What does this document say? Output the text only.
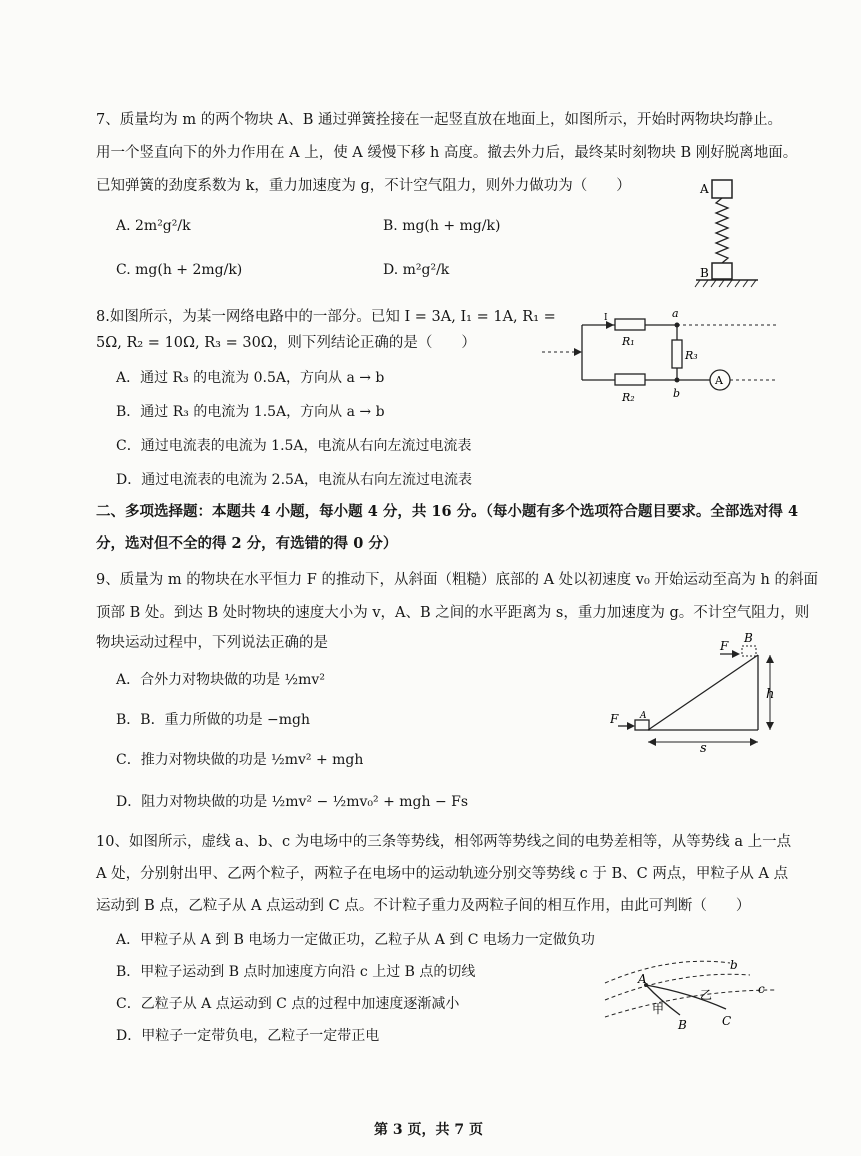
7、质量均为 m 的两个物块 A、B 通过弹簧拴接在一起竖直放在地面上，如图所示，开始时两物块均静止。
用一个竖直向下的外力作用在 A 上，使 A 缓慢下移 h 高度。撤去外力后，最终某时刻物块 B 刚好脱离地面。
已知弹簧的劲度系数为 k，重力加速度为 g，不计空气阻力，则外力做功为（　　）
A. 2m²g²/k	B. mg(h + mg/k)
C. mg(h + 2mg/k)	D. m²g²/k
A
B
8.如图所示，为某一网络电路中的一部分。已知 I = 3A, I₁ = 1A, R₁ =
5Ω, R₂ = 10Ω, R₃ = 30Ω，则下列结论正确的是（　　）
A．通过 R₃ 的电流为 0.5A，方向从 a → b
B．通过 R₃ 的电流为 1.5A，方向从 a → b
C．通过电流表的电流为 1.5A，电流从右向左流过电流表
D．通过电流表的电流为 2.5A，电流从右向左流过电流表
I
R₁
a
R₃
R₂	b
A
二、多项选择题：本题共 4 小题，每小题 4 分，共 16 分。（每小题有多个选项符合题目要求。全部选对得 4
分，选对但不全的得 2 分，有选错的得 0 分）
9、质量为 m 的物块在水平恒力 F 的推动下，从斜面（粗糙）底部的 A 处以初速度 v₀ 开始运动至高为 h 的斜面
顶部 B 处。到达 B 处时物块的速度大小为 v，A、B 之间的水平距离为 s，重力加速度为 g。不计空气阻力，则
物块运动过程中，下列说法正确的是
A．合外力对物块做的功是 ½mv²
B．B．重力所做的功是 −mgh
C．推力对物块做的功是 ½mv² + mgh
D．阻力对物块做的功是 ½mv² − ½mv₀² + mgh − Fs
F
B
F A
h
s
10、如图所示，虚线 a、b、c 为电场中的三条等势线，相邻两等势线之间的电势差相等，从等势线 a 上一点
A 处，分别射出甲、乙两个粒子，两粒子在电场中的运动轨迹分别交等势线 c 于 B、C 两点，甲粒子从 A 点
运动到 B 点，乙粒子从 A 点运动到 C 点。不计粒子重力及两粒子间的相互作用，由此可判断（　　）
A．甲粒子从 A 到 B 电场力一定做正功，乙粒子从 A 到 C 电场力一定做负功
B．甲粒子运动到 B 点时加速度方向沿 c 上过 B 点的切线
C．乙粒子从 A 点运动到 C 点的过程中加速度逐渐减小
D．甲粒子一定带负电，乙粒子一定带正电
b
c
A
甲
乙
B	C
第 3 页，共 7 页
